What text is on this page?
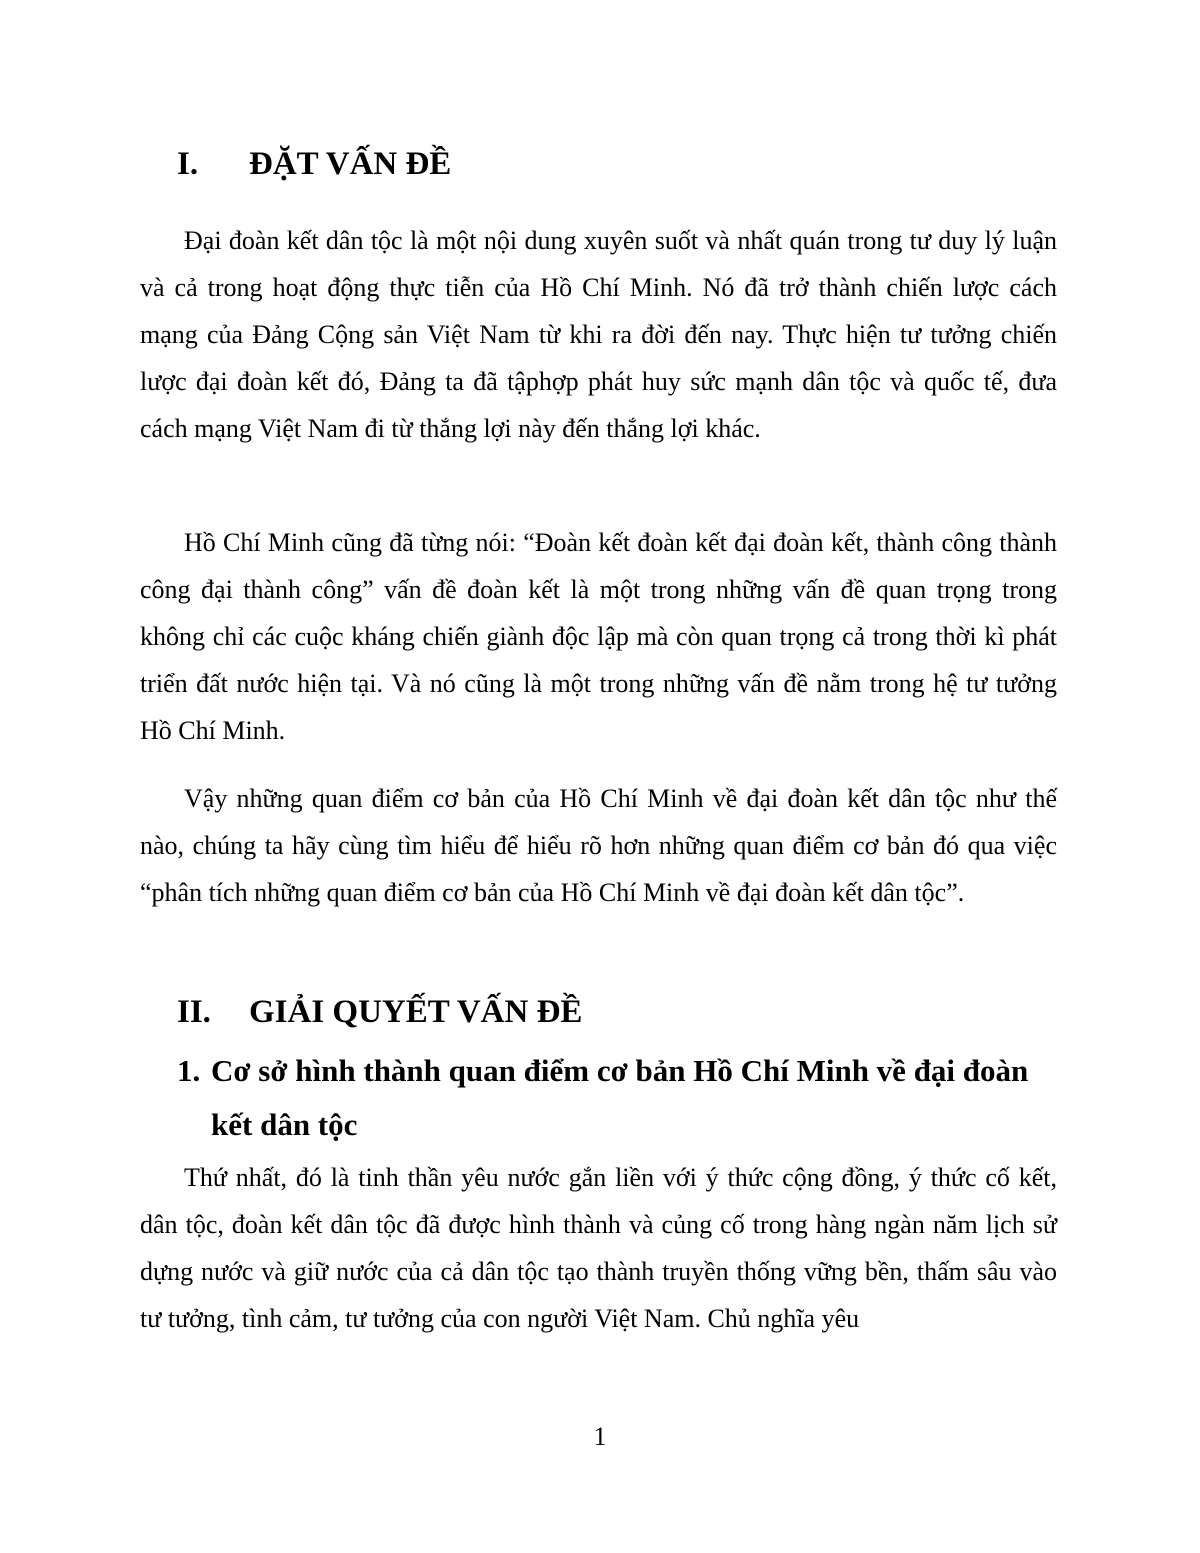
I. ĐẶT VẤN ĐỀ

Đại đoàn kết dân tộc là một nội dung xuyên suốt và nhất quán trong tư duy lý luận và cả trong hoạt động thực tiễn của Hồ Chí Minh. Nó đã trở thành chiến lược cách mạng của Đảng Cộng sản Việt Nam từ khi ra đời đến nay. Thực hiện tư tưởng chiến lược đại đoàn kết đó, Đảng ta đã tậphợp phát huy sức mạnh dân tộc và quốc tế, đưa cách mạng Việt Nam đi từ thắng lợi này đến thắng lợi khác.

Hồ Chí Minh cũng đã từng nói: “Đoàn kết đoàn kết đại đoàn kết, thành công thành công đại thành công” vấn đề đoàn kết là một trong những vấn đề quan trọng trong không chỉ các cuộc kháng chiến giành độc lập mà còn quan trọng cả trong thời kì phát triển đất nước hiện tại. Và nó cũng là một trong những vấn đề nằm trong hệ tư tưởng Hồ Chí Minh.

Vậy những quan điểm cơ bản của Hồ Chí Minh về đại đoàn kết dân tộc như thế nào, chúng ta hãy cùng tìm hiểu để hiểu rõ hơn những quan điểm cơ bản đó qua việc “phân tích những quan điểm cơ bản của Hồ Chí Minh về đại đoàn kết dân tộc”.

II. GIẢI QUYẾT VẤN ĐỀ
1. Cơ sở hình thành quan điểm cơ bản Hồ Chí Minh về đại đoàn
kết dân tộc

Thứ nhất, đó là tinh thần yêu nước gắn liền với ý thức cộng đồng, ý thức cố kết, dân tộc, đoàn kết dân tộc đã được hình thành và củng cố trong hàng ngàn năm lịch sử dựng nước và giữ nước của cả dân tộc tạo thành truyền thống vững bền, thấm sâu vào tư tưởng, tình cảm, tư tưởng của con người Việt Nam. Chủ nghĩa yêu

1
